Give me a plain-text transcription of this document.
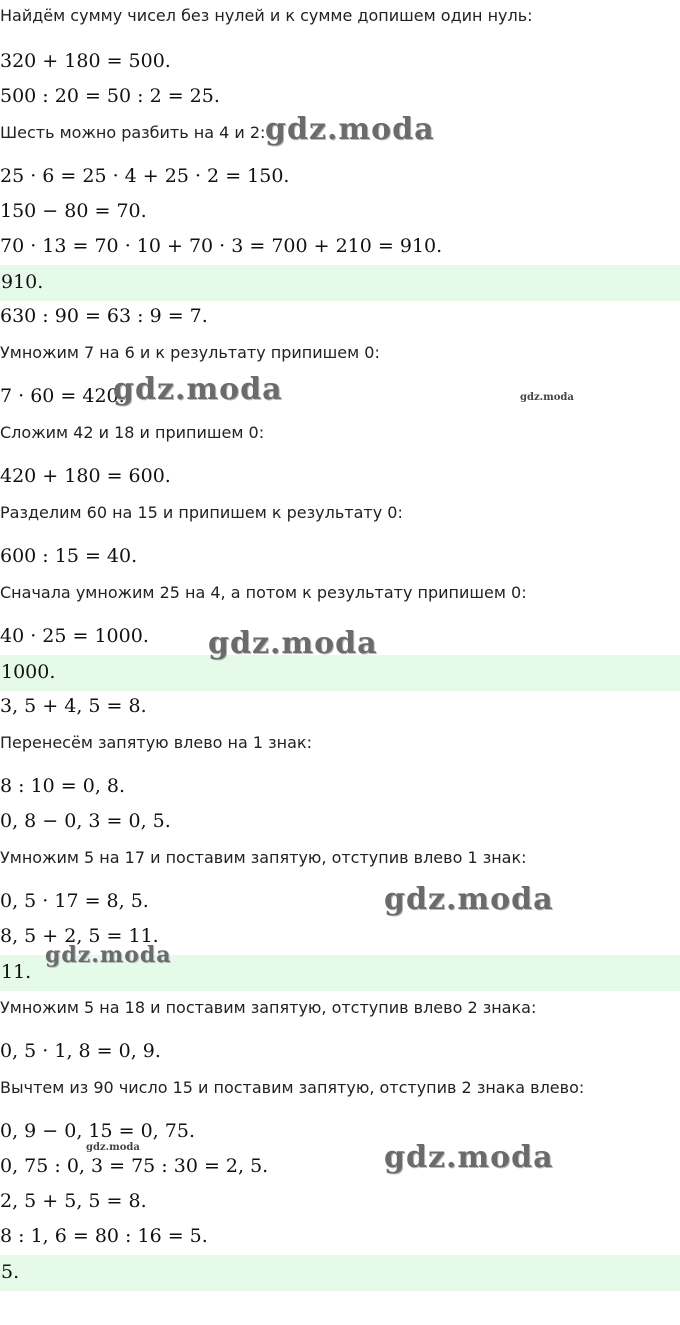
910.
1000.
11.
5.
Найдём сумму чисел без нулей и к сумме допишем один нуль:
320 + 180 = 500.
500 : 20 = 50 : 2 = 25.
Шесть можно разбить на 4 и 2:
25 · 6 = 25 · 4 + 25 · 2 = 150.
150 − 80 = 70.
70 · 13 = 70 · 10 + 70 · 3 = 700 + 210 = 910.
630 : 90 = 63 : 9 = 7.
Умножим 7 на 6 и к результату припишем 0:
7 · 60 = 420.
Сложим 42 и 18 и припишем 0:
420 + 180 = 600.
Разделим 60 на 15 и припишем к результату 0:
600 : 15 = 40.
Сначала умножим 25 на 4, а потом к результату припишем 0:
40 · 25 = 1000.
3, 5 + 4, 5 = 8.
Перенесём запятую влево на 1 знак:
8 : 10 = 0, 8.
0, 8 − 0, 3 = 0, 5.
Умножим 5 на 17 и поставим запятую, отступив влево 1 знак:
0, 5 · 17 = 8, 5.
8, 5 + 2, 5 = 11.
Умножим 5 на 18 и поставим запятую, отступив влево 2 знака:
0, 5 · 1, 8 = 0, 9.
Вычтем из 90 число 15 и поставим запятую, отступив 2 знака влево:
0, 9 − 0, 15 = 0, 75.
0, 75 : 0, 3 = 75 : 30 = 2, 5.
2, 5 + 5, 5 = 8.
8 : 1, 6 = 80 : 16 = 5.
gdz.moda
gdz.moda	gdz.moda
gdz.moda
gdz.moda
gdz.moda
gdz.moda	gdz.moda
